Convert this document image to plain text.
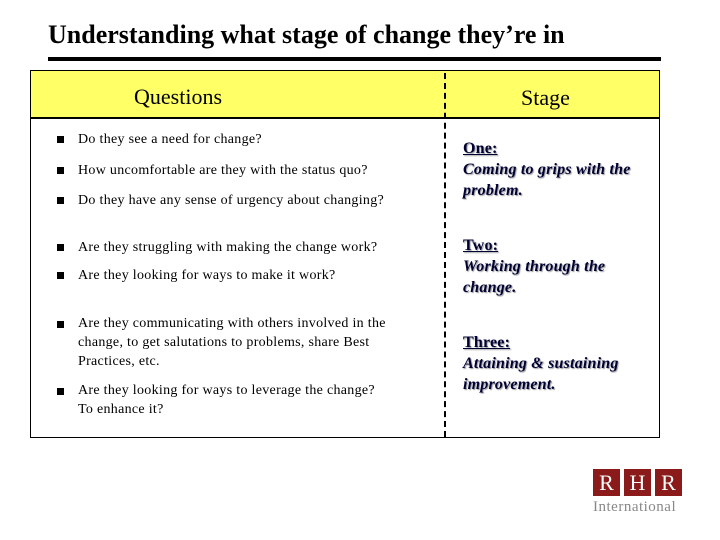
Understanding what stage of change they’re in
Questions	Stage
Do they see a need for change?
How uncomfortable are they with the status quo?
Do they have any sense of urgency about changing?
Are they struggling with making the change work?
Are they looking for ways to make it work?
Are they communicating with others involved in the
change, to get salutations to problems, share Best
Practices, etc.
Are they looking for ways to leverage the change?
To enhance it?
One:
Coming to grips with the
problem.
Two:
Working through the
change.
Three:
Attaining & sustaining
improvement.
R H R
International
